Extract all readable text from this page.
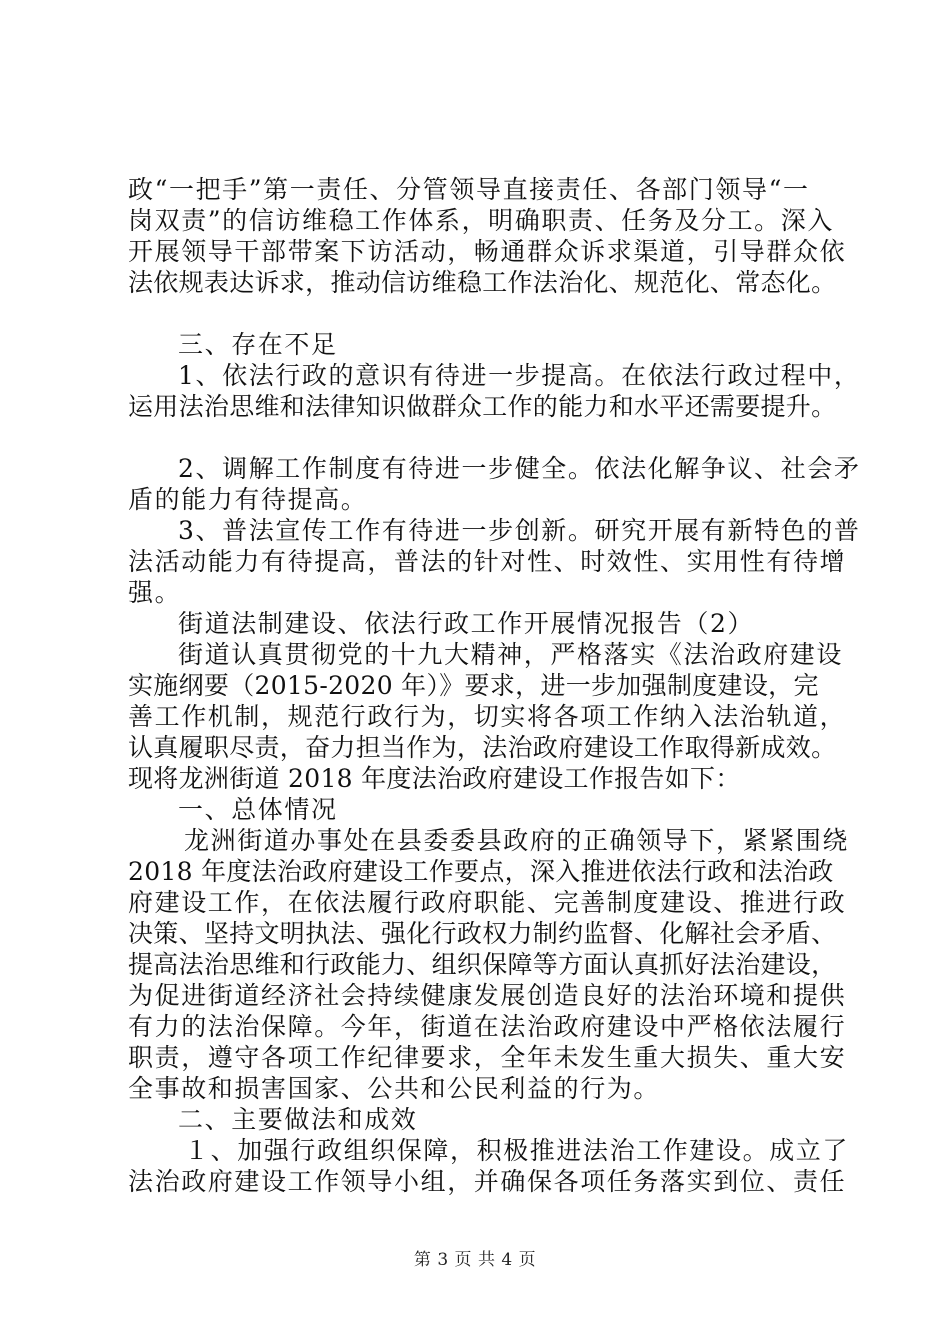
政“一把手”第一责任、分管领导直接责任、各部门领导“一
岗双责”的信访维稳工作体系，明确职责、任务及分工。深入
开展领导干部带案下访活动，畅通群众诉求渠道，引导群众依
法依规表达诉求，推动信访维稳工作法治化、规范化、常态化。
三、存在不足
1、依法行政的意识有待进一步提高。在依法行政过程中，
运用法治思维和法律知识做群众工作的能力和水平还需要提升。
2、调解工作制度有待进一步健全。依法化解争议、社会矛
盾的能力有待提高。
3、普法宣传工作有待进一步创新。研究开展有新特色的普
法活动能力有待提高，普法的针对性、时效性、实用性有待增
强。
街道法制建设、依法行政工作开展情况报告（2）
街道认真贯彻党的十九大精神，严格落实《法治政府建设
实施纲要（2015-2020 年）》要求，进一步加强制度建设，完
善工作机制，规范行政行为，切实将各项工作纳入法治轨道，
认真履职尽责，奋力担当作为，法治政府建设工作取得新成效。
现将龙洲街道 2018 年度法治政府建设工作报告如下：
一、总体情况
龙洲街道办事处在县委委县政府的正确领导下，紧紧围绕
2018 年度法治政府建设工作要点，深入推进依法行政和法治政
府建设工作，在依法履行政府职能、完善制度建设、推进行政
决策、坚持文明执法、强化行政权力制约监督、化解社会矛盾、
提高法治思维和行政能力、组织保障等方面认真抓好法治建设，
为促进街道经济社会持续健康发展创造良好的法治环境和提供
有力的法治保障。今年，街道在法治政府建设中严格依法履行
职责，遵守各项工作纪律要求，全年未发生重大损失、重大安
全事故和损害国家、公共和公民利益的行为。
二、主要做法和成效
１、加强行政组织保障，积极推进法治工作建设。成立了
法治政府建设工作领导小组，并确保各项任务落实到位、责任
第 3 页 共 4 页
